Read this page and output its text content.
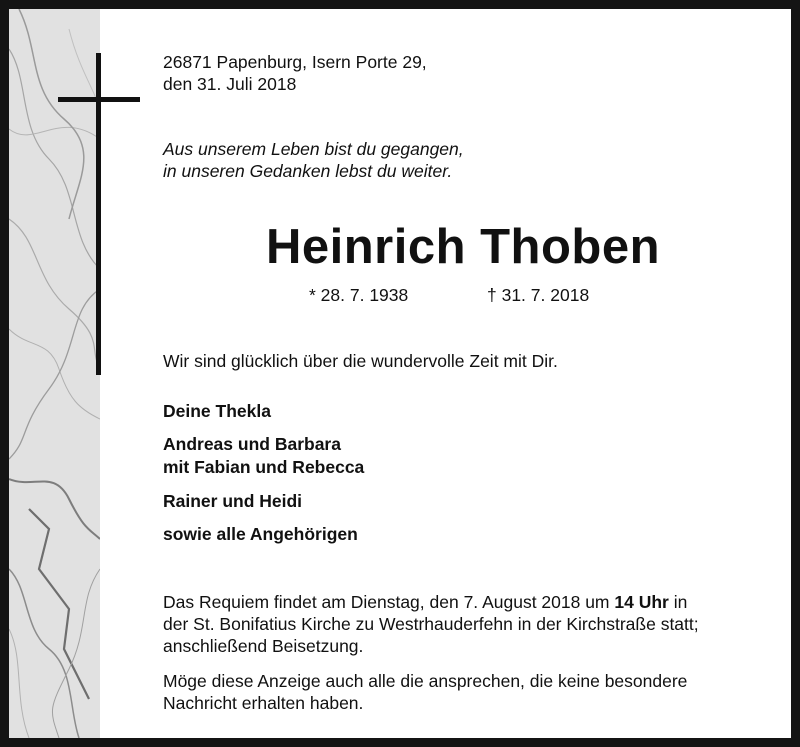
26871 Papenburg, Isern Porte 29,
den 31. Juli 2018
Aus unserem Leben bist du gegangen,
in unseren Gedanken lebst du weiter.
Heinrich Thoben
* 28. 7. 1938	† 31. 7. 2018
Wir sind glücklich über die wundervolle Zeit mit Dir.
Deine Thekla
Andreas und Barbara
mit Fabian und Rebecca
Rainer und Heidi
sowie alle Angehörigen
Das Requiem findet am Dienstag, den 7. August 2018 um 14 Uhr in
der St. Bonifatius Kirche zu Westrhauderfehn in der Kirchstraße statt;
anschließend Beisetzung.
Möge diese Anzeige auch alle die ansprechen, die keine besondere
Nachricht erhalten haben.
